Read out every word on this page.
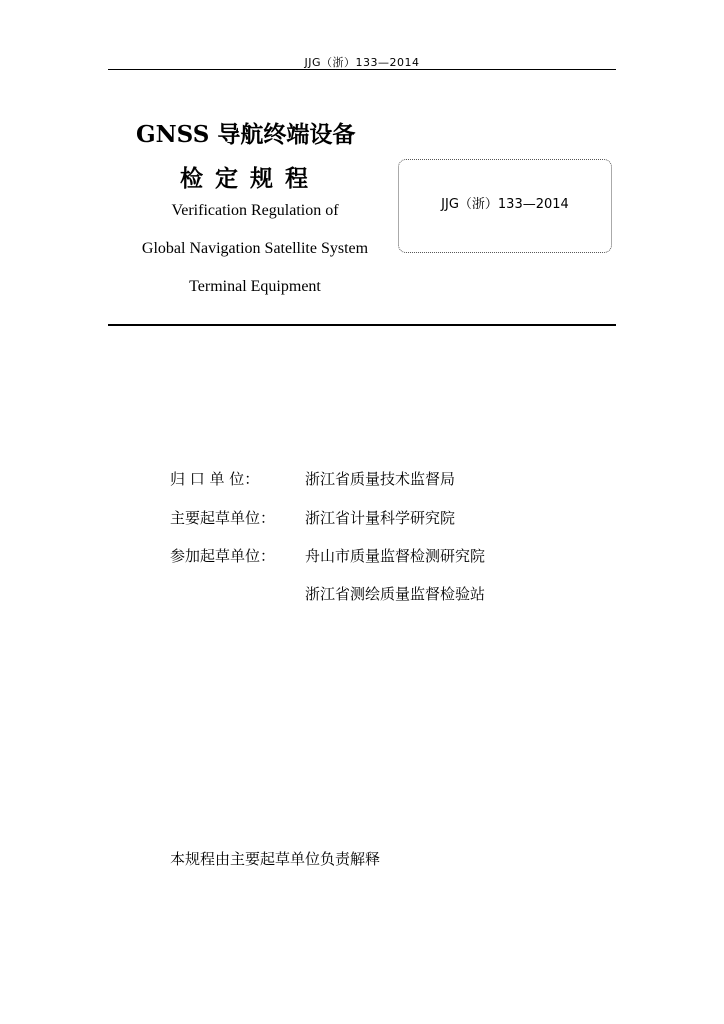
JJG（浙）133—2014
GNSS 导航终端设备
检定规程
Verification Regulation of
Global Navigation Satellite System
Terminal Equipment
JJG（浙）133—2014
归 口 单 位：	浙江省质量技术监督局
主要起草单位： 浙江省计量科学研究院
参加起草单位： 舟山市质量监督检测研究院
浙江省测绘质量监督检验站
本规程由主要起草单位负责解释
